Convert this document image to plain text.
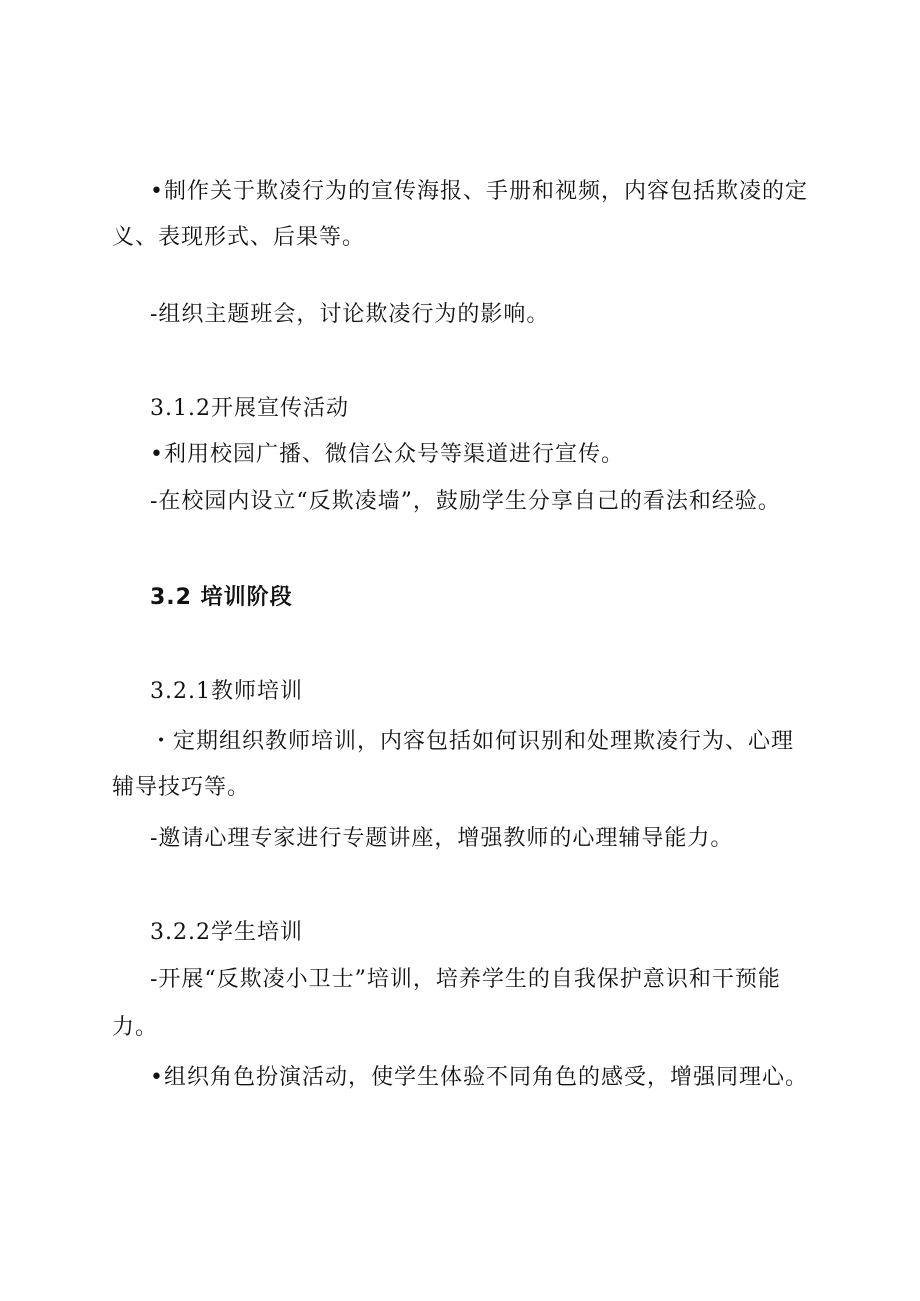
•制作关于欺凌行为的宣传海报、手册和视频，内容包括欺凌的定
义、表现形式、后果等。
-组织主题班会，讨论欺凌行为的影响。
3.1.2开展宣传活动
•利用校园广播、微信公众号等渠道进行宣传。
-在校园内设立“反欺凌墙”，鼓励学生分享自己的看法和经验。
3.2 培训阶段
3.2.1教师培训
・定期组织教师培训，内容包括如何识别和处理欺凌行为、心理
辅导技巧等。
-邀请心理专家进行专题讲座，增强教师的心理辅导能力。
3.2.2学生培训
-开展“反欺凌小卫士”培训，培养学生的自我保护意识和干预能
力。
•组织角色扮演活动，使学生体验不同角色的感受，增强同理心。
